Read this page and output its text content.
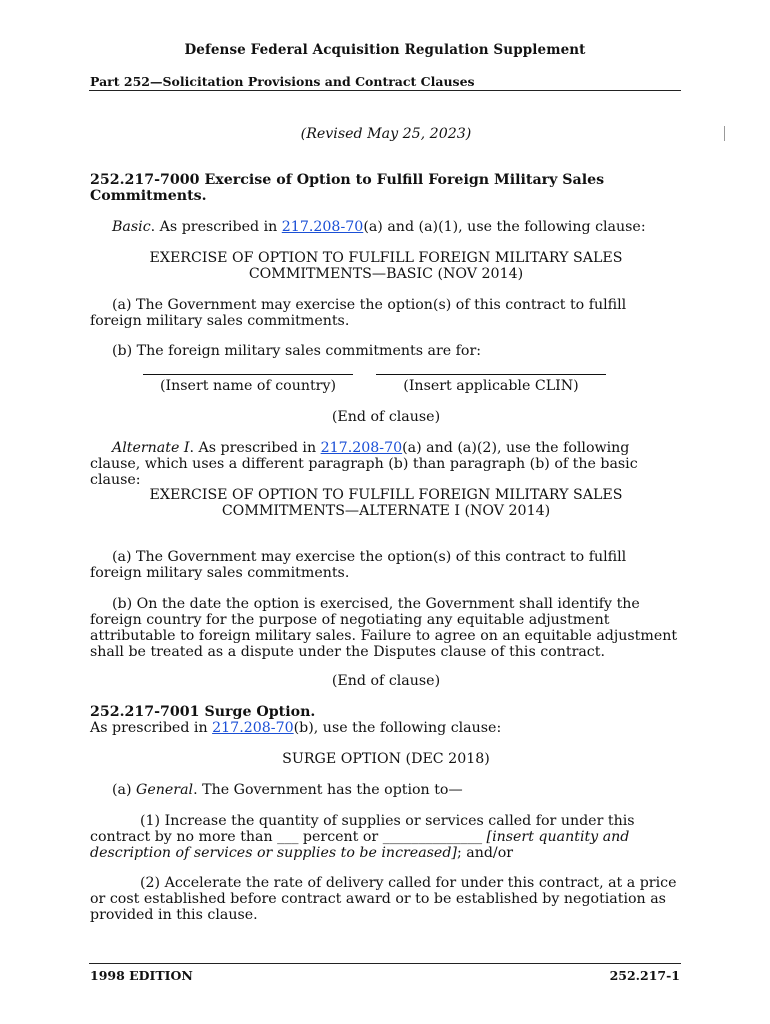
Defense Federal Acquisition Regulation Supplement
Part 252—Solicitation Provisions and Contract Clauses
(Revised May 25, 2023)
252.217-7000 Exercise of Option to Fulfill Foreign Military Sales
Commitments.
Basic. As prescribed in 217.208-70(a) and (a)(1), use the following clause:
EXERCISE OF OPTION TO FULFILL FOREIGN MILITARY SALES
COMMITMENTS—BASIC (NOV 2014)
(a) The Government may exercise the option(s) of this contract to fulfill foreign military sales commitments.
(b) The foreign military sales commitments are for:
(Insert name of country)	(Insert applicable CLIN)
(End of clause)
Alternate I. As prescribed in 217.208-70(a) and (a)(2), use the following clause, which uses a different paragraph (b) than paragraph (b) of the basic clause:
EXERCISE OF OPTION TO FULFILL FOREIGN MILITARY SALES
COMMITMENTS—ALTERNATE I (NOV 2014)
(a) The Government may exercise the option(s) of this contract to fulfill foreign military sales commitments.
(b) On the date the option is exercised, the Government shall identify the foreign country for the purpose of negotiating any equitable adjustment attributable to foreign military sales. Failure to agree on an equitable adjustment shall be treated as a dispute under the Disputes clause of this contract.
(End of clause)
252.217-7001 Surge Option.
As prescribed in 217.208-70(b), use the following clause:
SURGE OPTION (DEC 2018)
(a) General. The Government has the option to—
(1) Increase the quantity of supplies or services called for under this contract by no more than ___ percent or ______________ [insert quantity and description of services or supplies to be increased]; and/or
(2) Accelerate the rate of delivery called for under this contract, at a price or cost established before contract award or to be established by negotiation as provided in this clause.
1998 EDITION	252.217-1
